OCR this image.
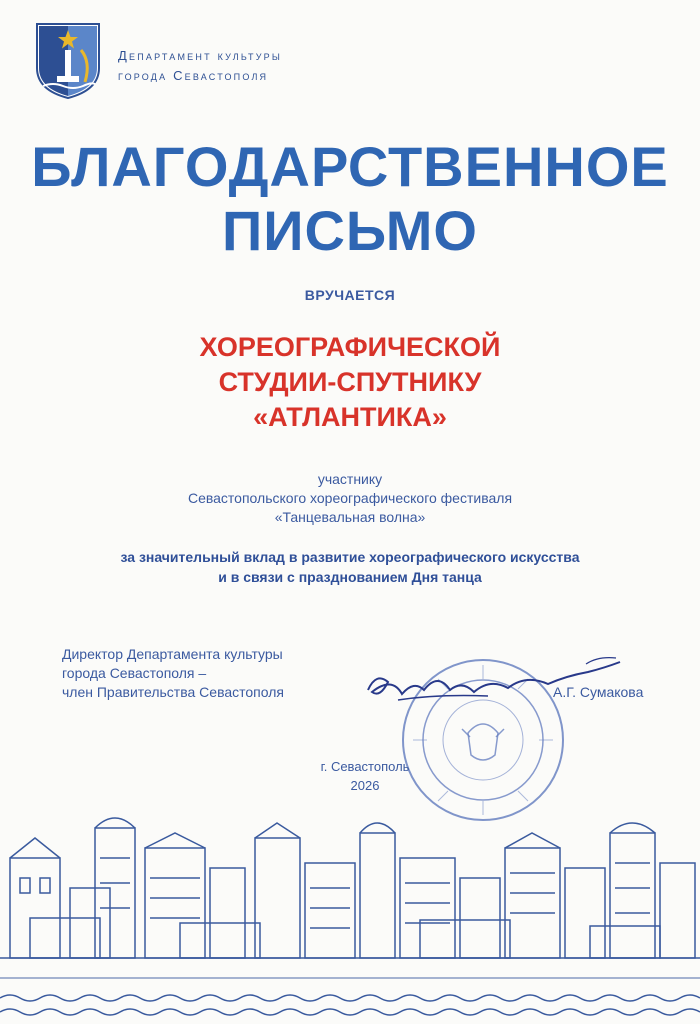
Департамент культуры
города Севастополя
БЛАГОДАРСТВЕННОЕ
ПИСЬМО
ВРУЧАЕТСЯ
ХОРЕОГРАФИЧЕСКОЙ
СТУДИИ-СПУТНИКУ
«АТЛАНТИКА»
участнику
Севастопольского хореографического фестиваля
«Танцевальная волна»
за значительный вклад в развитие хореографического искусства
и в связи с празднованием Дня танца
Директор Департамента культуры
города Севастополя –
член Правительства Севастополя	А.Г. Сумакова
г. Севастополь
2026
